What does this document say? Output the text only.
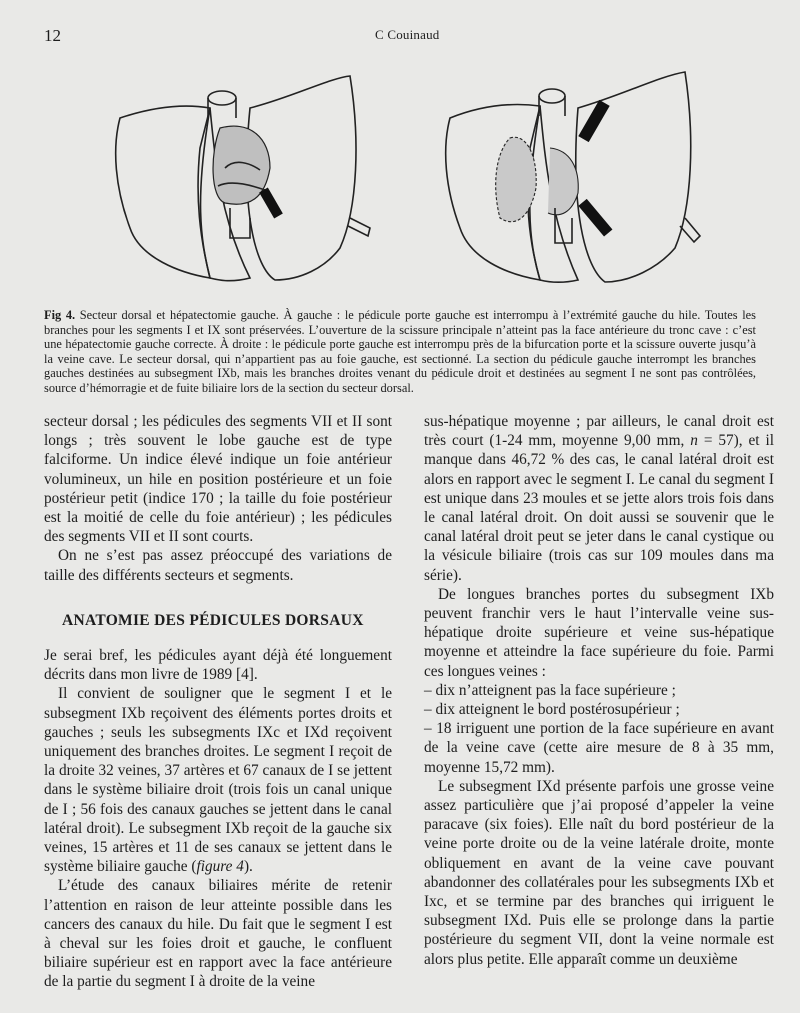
12	C Couinaud
Fig 4. Secteur dorsal et hépatectomie gauche. À gauche : le pédicule porte gauche est interrompu à l’extrémité gauche du hile. Toutes les branches pour les segments I et IX sont préservées. L’ouverture de la scissure principale n’atteint pas la face antérieure du tronc cave : c’est une hépatectomie gauche correcte. À droite : le pédicule porte gauche est interrompu près de la bifurcation porte et la scissure ouverte jusqu’à la veine cave. Le secteur dorsal, qui n’appartient pas au foie gauche, est sectionné. La section du pédicule gauche interrompt les branches gauches destinées au subsegment IXb, mais les branches droites venant du pédicule droit et destinées au segment I ne sont pas contrôlées, source d’hémorragie et de fuite biliaire lors de la section du secteur dorsal.

secteur dorsal ; les pédicules des segments VII et II sont longs ; très souvent le lobe gauche est de type falciforme. Un indice élevé indique un foie antérieur volumineux, un hile en position postérieure et un foie postérieur petit (indice 170 ; la taille du foie postérieur est la moitié de celle du foie antérieur) ; les pédicules des segments VII et II sont courts.

On ne s’est pas assez préoccupé des variations de taille des différents secteurs et segments.

ANATOMIE DES PÉDICULES DORSAUX

Je serai bref, les pédicules ayant déjà été longuement décrits dans mon livre de 1989 [4].

Il convient de souligner que le segment I et le subsegment IXb reçoivent des éléments portes droits et gauches ; seuls les subsegments IXc et IXd reçoivent uniquement des branches droites. Le segment I reçoit de la droite 32 veines, 37 artères et 67 canaux de I se jettent dans le système biliaire droit (trois fois un canal unique de I ; 56 fois des canaux gauches se jettent dans le canal latéral droit). Le subsegment IXb reçoit de la gauche six veines, 15 artères et 11 de ses canaux se jettent dans le système biliaire gauche (figure 4).

L’étude des canaux biliaires mérite de retenir l’attention en raison de leur atteinte possible dans les cancers des canaux du hile. Du fait que le segment I est à cheval sur les foies droit et gauche, le confluent biliaire supérieur est en rapport avec la face antérieure de la partie du segment I à droite de la veine

sus-hépatique moyenne ; par ailleurs, le canal droit est très court (1-24 mm, moyenne 9,00 mm, n = 57), et il manque dans 46,72 % des cas, le canal latéral droit est alors en rapport avec le segment I. Le canal du segment I est unique dans 23 moules et se jette alors trois fois dans le canal latéral droit. On doit aussi se souvenir que le canal latéral droit peut se jeter dans le canal cystique ou la vésicule biliaire (trois cas sur 109 moules dans ma série).

De longues branches portes du subsegment IXb peuvent franchir vers le haut l’intervalle veine sus-hépatique droite supérieure et veine sus-hépatique moyenne et atteindre la face supérieure du foie. Parmi ces longues veines :

– dix n’atteignent pas la face supérieure ;

– dix atteignent le bord postérosupérieur ;

– 18 irriguent une portion de la face supérieure en avant de la veine cave (cette aire mesure de 8 à 35 mm, moyenne 15,72 mm).

Le subsegment IXd présente parfois une grosse veine assez particulière que j’ai proposé d’appeler la veine paracave (six foies). Elle naît du bord postérieur de la veine porte droite ou de la veine latérale droite, monte obliquement en avant de la veine cave pouvant abandonner des collatérales pour les subsegments IXb et Ixc, et se termine par des branches qui irriguent le subsegment IXd. Puis elle se prolonge dans la partie postérieure du segment VII, dont la veine normale est alors plus petite. Elle apparaît comme un deuxième
